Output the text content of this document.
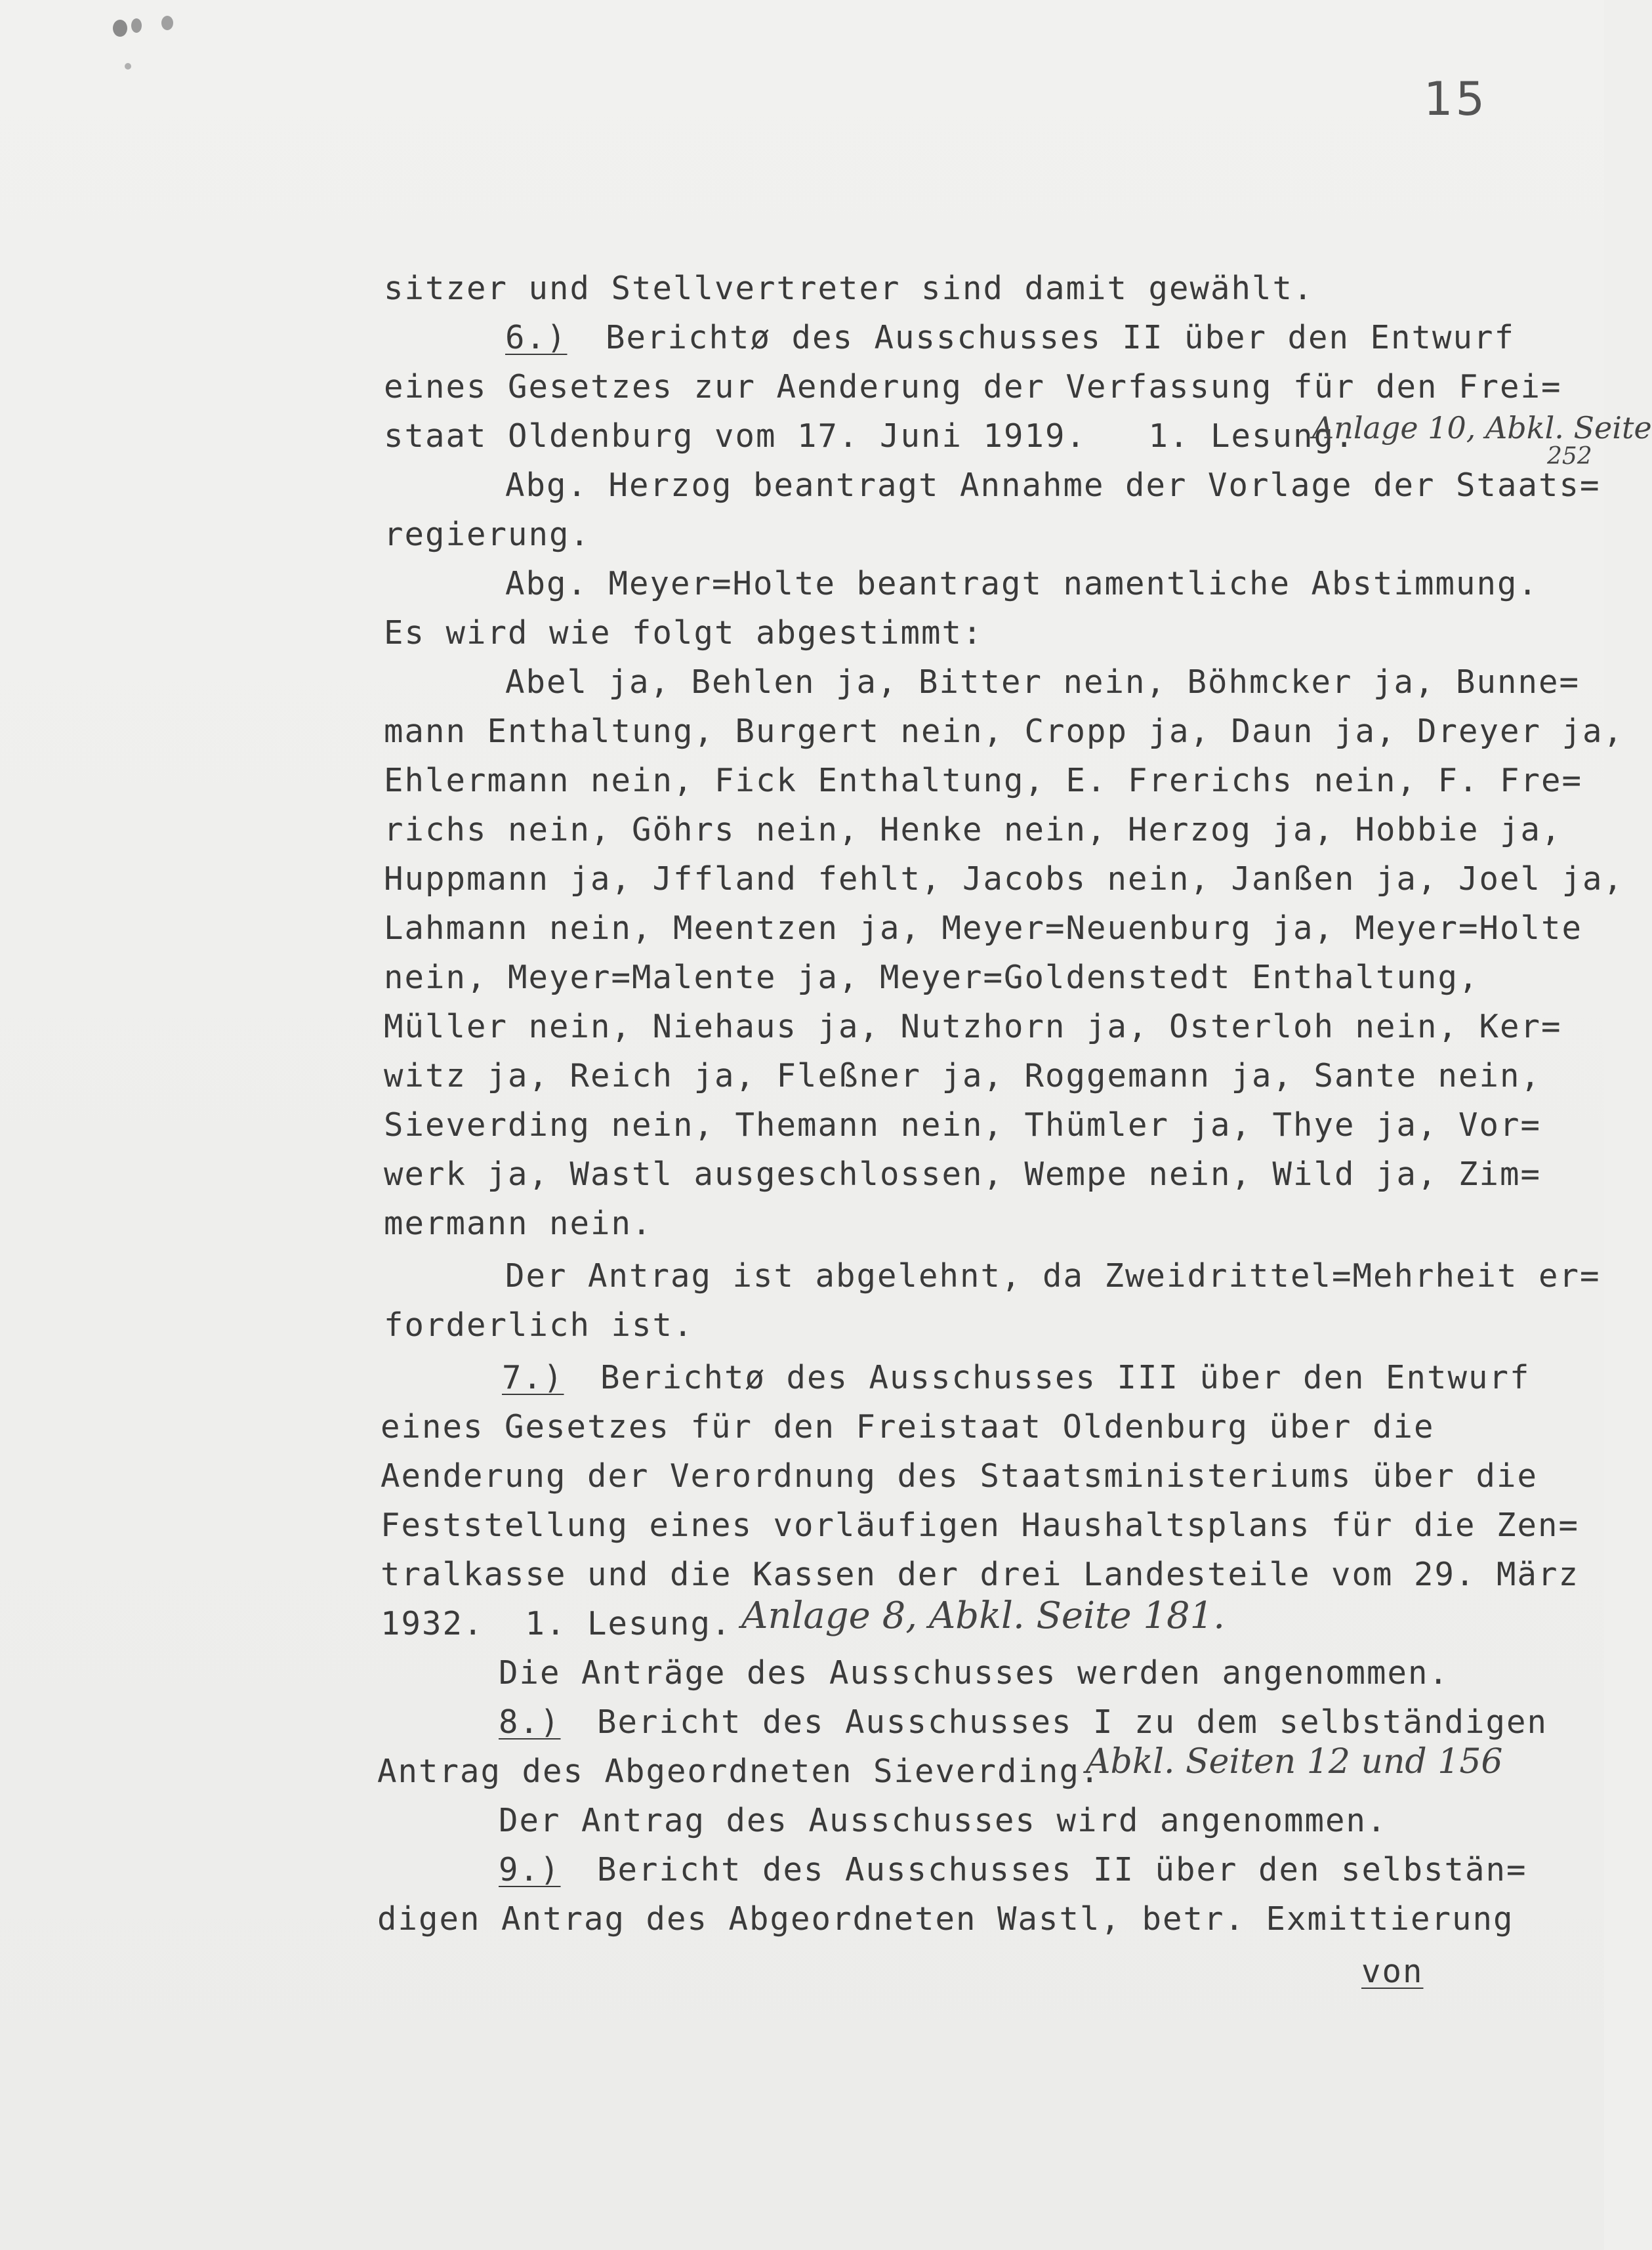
15
sitzer und Stellvertreter sind damit gewählt.
6.) Berichtø des Ausschusses II über den Entwurf
eines Gesetzes zur Aenderung der Verfassung für den Frei=
staat Oldenburg vom 17. Juni 1919.   1. Lesung.
Anlage 10, Abkl. Seite
252
Abg. Herzog beantragt Annahme der Vorlage der Staats=
regierung.
Abg. Meyer=Holte beantragt namentliche Abstimmung.
Es wird wie folgt abgestimmt:
Abel ja, Behlen ja, Bitter nein, Böhmcker ja, Bunne=
mann Enthaltung, Burgert nein, Cropp ja, Daun ja, Dreyer ja,
Ehlermann nein, Fick Enthaltung, E. Frerichs nein, F. Fre=
richs nein, Göhrs nein, Henke nein, Herzog ja, Hobbie ja,
Huppmann ja, Jffland fehlt, Jacobs nein, Janßen ja, Joel ja,
Lahmann nein, Meentzen ja, Meyer=Neuenburg ja, Meyer=Holte
nein, Meyer=Malente ja, Meyer=Goldenstedt Enthaltung,
Müller nein, Niehaus ja, Nutzhorn ja, Osterloh nein, Ker=
witz ja, Reich ja, Fleßner ja, Roggemann ja, Sante nein,
Sieverding nein, Themann nein, Thümler ja, Thye ja, Vor=
werk ja, Wastl ausgeschlossen, Wempe nein, Wild ja, Zim=
mermann nein.
Der Antrag ist abgelehnt, da Zweidrittel=Mehrheit er=
forderlich ist.
7.) Berichtø des Ausschusses III über den Entwurf
eines Gesetzes für den Freistaat Oldenburg über die
Aenderung der Verordnung des Staatsministeriums über die
Feststellung eines vorläufigen Haushaltsplans für die Zen=
tralkasse und die Kassen der drei Landesteile vom 29. März
1932.  1. Lesung. Anlage 8, Abkl. Seite 181.
Die Anträge des Ausschusses werden angenommen.
8.) Bericht des Ausschusses I zu dem selbständigen
Antrag des Abgeordneten Sieverding.
Abkl. Seiten 12 und 156
Der Antrag des Ausschusses wird angenommen.
9.) Bericht des Ausschusses II über den selbstän=
digen Antrag des Abgeordneten Wastl, betr. Exmittierung
von
